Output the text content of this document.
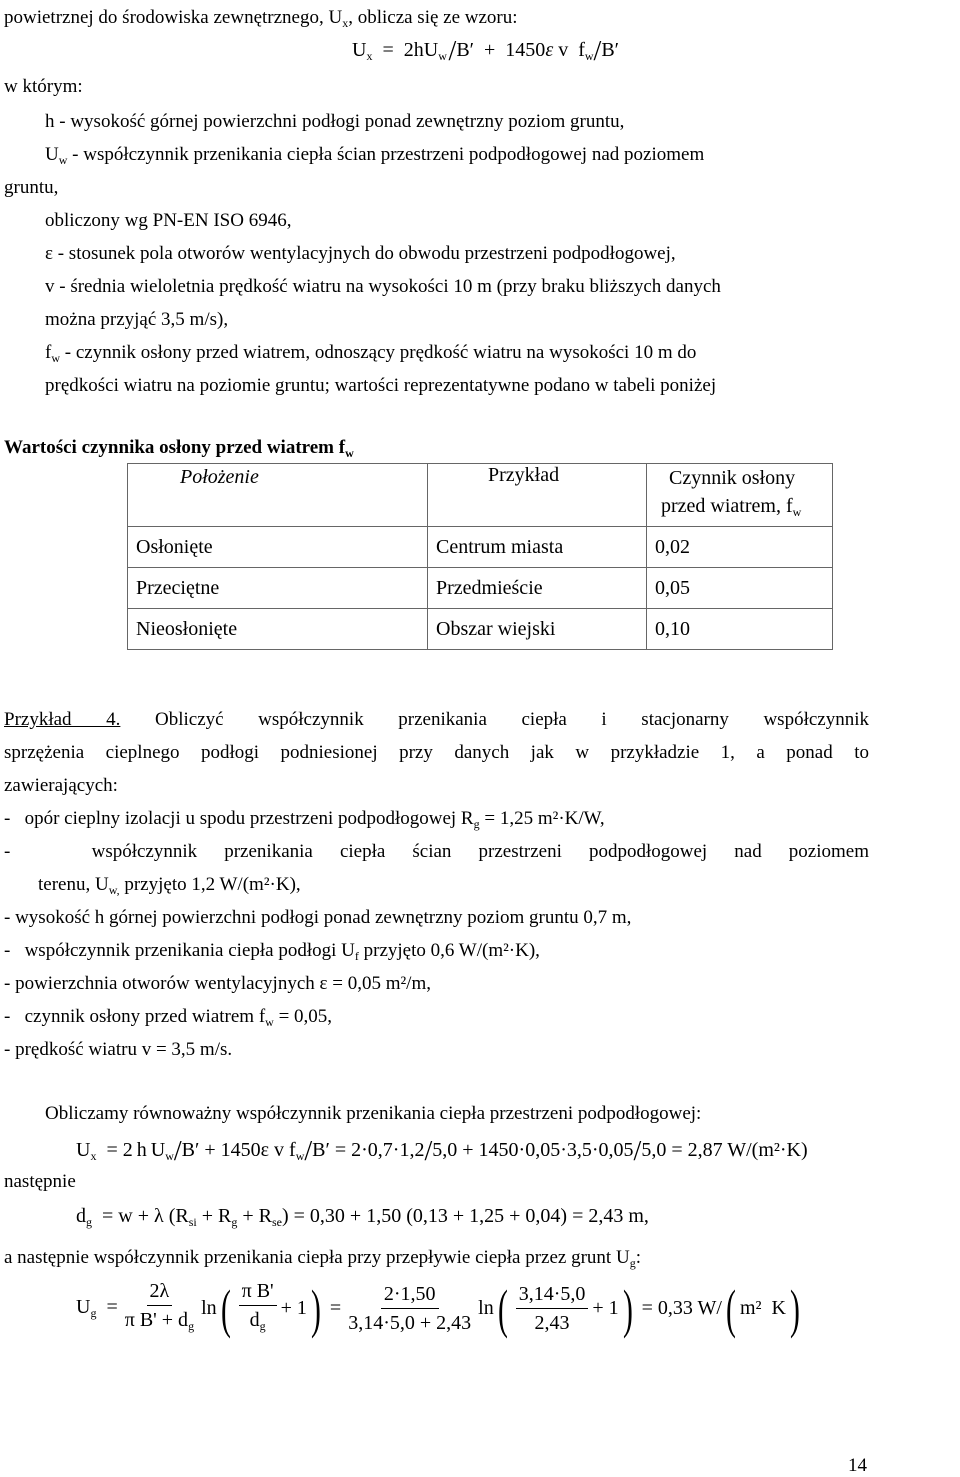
powietrznej do środowiska zewnętrznego, $U_x$, oblicza się ze wzoru:
$U_x = 2hU_w$ /B′  +  1450ε v  $f_w/B'$
w którym:
h - wysokość górnej powierzchni podłogi ponad zewnętrzny poziom gruntu,
$U_w$ - współczynnik przenikania ciepła ścian przestrzeni podpodłogowej nad poziomem
gruntu,
obliczony wg PN-EN ISO 6946,
ε - stosunek pola otworów wentylacyjnych do obwodu przestrzeni podpodłogowej,
v - średnia wieloletnia prędkość wiatru na wysokości 10 m (przy braku bliższych danych
można przyjąć 3,5 m/s),
$f_w$ - czynnik osłony przed wiatrem, odnoszący prędkość wiatru na wysokości 10 m do
prędkości wiatru na poziomie gruntu; wartości reprezentatywne podano w tabeli poniżej
Wartości czynnika osłony przed wiatrem $f_w$
Położenie	Przykład	Czynnik osłony
przed wiatrem, $f_w$
Osłonięte	Centrum miasta	0,02
Przeciętne	Przedmieście	0,05
Nieosłonięte	Obszar wiejski	0,10
Przykład 4. Obliczyć współczynnik przenikania ciepła i stacjonarny współczynnik
sprzężenia cieplnego podłogi podniesionej przy danych jak w przykładzie 1, a ponad to
zawierających:
-   opór cieplny izolacji u spodu przestrzeni podpodłogowej $R_g = 1,25$ m²·K/W,
-   współczynnik przenikania ciepła ścian przestrzeni podpodłogowej nad poziomem
terenu, $U_{w,}$ przyjęto 1,2 W/(m²·K),
- wysokość h górnej powierzchni podłogi ponad zewnętrzny poziom gruntu 0,7 m,
-   współczynnik przenikania ciepła podłogi $U_f$ przyjęto 0,6 W/(m²·K),
- powierzchnia otworów wentylacyjnych ε = 0,05 m²/m,
-   czynnik osłony przed wiatrem $f_w = 0,05$,
- prędkość wiatru v = 3,5 m/s.
Obliczamy równoważny współczynnik przenikania ciepła przestrzeni podpodłogowej:
$U_x = 2$ h $U_w/B' + 1450\varepsilon$ v $f_w/B' = 2\cdot 0,7\cdot 1,2/5,0 + 1450\cdot 0,05\cdot 3,5\cdot 0,05/5,0 = 2,87$ W/(m²·K)
następnie
$d_g = w + \lambda$ $(R_{si} + R_g + R_{se}) = 0,30 + 1,50$ (0,13 + 1,25 + 0,04) = 2,43 m,
a następnie współczynnik przenikania ciepła przy przepływie ciepła przez grunt $U_g$:
$U_g = \frac{2\lambda}{\pi B' + d_g}$ ln ( $\frac{\text{π B'}}{d_g} + 1$ ) = $\frac{2\cdot 1,50}{3,14\cdot 5,0 + 2,43}$ ln ( $\frac{3,14\cdot 5,0}{2,43} + 1$ ) = 0,33 W/ ( m²  K )
14
